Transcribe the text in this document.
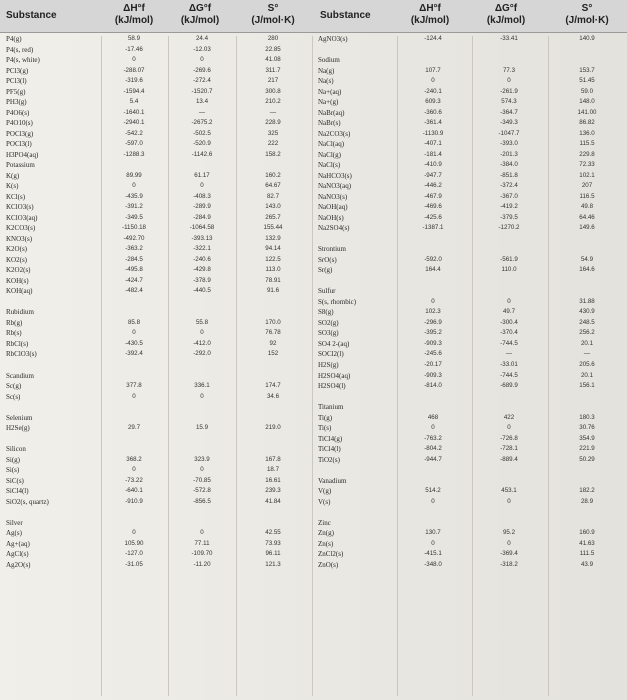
Substance
ΔH°f
(kJ/mol)
ΔG°f
(kJ/mol)
S°
(J/mol·K)	Substance
ΔH°f
(kJ/mol)
ΔG°f
(kJ/mol)
S°
(J/mol·K)
P4(g)
P4(s, red)
P4(s, white)
PCl3(g)
PCl3(l)
PF5(g)
PH3(g)
P4O6(s)
P4O10(s)
POCl3(g)
POCl3(l)
H3PO4(aq)
Potassium
K(g)
K(s)
KCl(s)
KClO3(s)
KClO3(aq)
K2CO3(s)
KNO3(s)
K2O(s)
KO2(s)
K2O2(s)
KOH(s)
KOH(aq)
Rubidium
Rb(g)
Rb(s)
RbCl(s)
RbClO3(s)
Scandium
Sc(g)
Sc(s)
Selenium
H2Se(g)
Silicon
Si(g)
Si(s)
SiC(s)
SiCl4(l)
SiO2(s, quartz)
Silver
Ag(s)
Ag+(aq)
AgCl(s)
Ag2O(s)
58.9
-17.46
0
-288.07
-319.6
-1594.4
5.4
-1640.1
-2940.1
-542.2
-597.0
-1288.3
89.99
0
-435.9
-391.2
-349.5
-1150.18
-492.70
-363.2
-284.5
-495.8
-424.7
-482.4
85.8
0
-430.5
-392.4
377.8
0
29.7
368.2
0
-73.22
-640.1
-910.9
0
105.90
-127.0
-31.05
24.4
-12.03
0
-269.6
-272.4
-1520.7
13.4
—
-2675.2
-502.5
-520.9
-1142.6
61.17
0
-408.3
-289.9
-284.9
-1064.58
-393.13
-322.1
-240.6
-429.8
-378.9
-440.5
55.8
0
-412.0
-292.0
336.1
0
15.9
323.9
0
-70.85
-572.8
-856.5
0
77.11
-109.70
-11.20
280
22.85
41.08
311.7
217
300.8
210.2
—
228.9
325
222
158.2
160.2
64.67
82.7
143.0
265.7
155.44
132.9
94.14
122.5
113.0
78.91
91.6
170.0
76.78
92
152
174.7
34.6
219.0
167.8
18.7
16.61
239.3
41.84
42.55
73.93
96.11
121.3
AgNO3(s)
Sodium
Na(g)
Na(s)
Na+(aq)
Na+(g)
NaBr(aq)
NaBr(s)
Na2CO3(s)
NaCl(aq)
NaCl(g)
NaCl(s)
NaHCO3(s)
NaNO3(aq)
NaNO3(s)
NaOH(aq)
NaOH(s)
Na2SO4(s)
Strontium
SrO(s)
Sr(g)
Sulfur
S(s, rhombic)
S8(g)
SO2(g)
SO3(g)
SO4 2-(aq)
SOCl2(l)
H2S(g)
H2SO4(aq)
H2SO4(l)
Titanium
Ti(g)
Ti(s)
TiCl4(g)
TiCl4(l)
TiO2(s)
Vanadium
V(g)
V(s)
Zinc
Zn(g)
Zn(s)
ZnCl2(s)
ZnO(s)
-124.4
107.7
0
-240.1
609.3
-360.6
-361.4
-1130.9
-407.1
-181.4
-410.9
-947.7
-446.2
-467.9
-469.6
-425.6
-1387.1
-592.0
164.4
0
102.3
-296.9
-395.2
-909.3
-245.6
-20.17
-909.3
-814.0
468
0
-763.2
-804.2
-944.7
514.2
0
130.7
0
-415.1
-348.0
-33.41
77.3
0
-261.9
574.3
-364.7
-349.3
-1047.7
-393.0
-201.3
-384.0
-851.8
-372.4
-367.0
-419.2
-379.5
-1270.2
-561.9
110.0
0
49.7
-300.4
-370.4
-744.5
—
-33.01
-744.5
-689.9
422
0
-726.8
-728.1
-889.4
453.1
0
95.2
0
-369.4
-318.2
140.9
153.7
51.45
59.0
148.0
141.00
86.82
136.0
115.5
229.8
72.33
102.1
207
116.5
49.8
64.46
149.6
54.9
164.6
31.88
430.9
248.5
256.2
20.1
—
205.6
20.1
156.1
180.3
30.76
354.9
221.9
50.29
182.2
28.9
160.9
41.63
111.5
43.9
